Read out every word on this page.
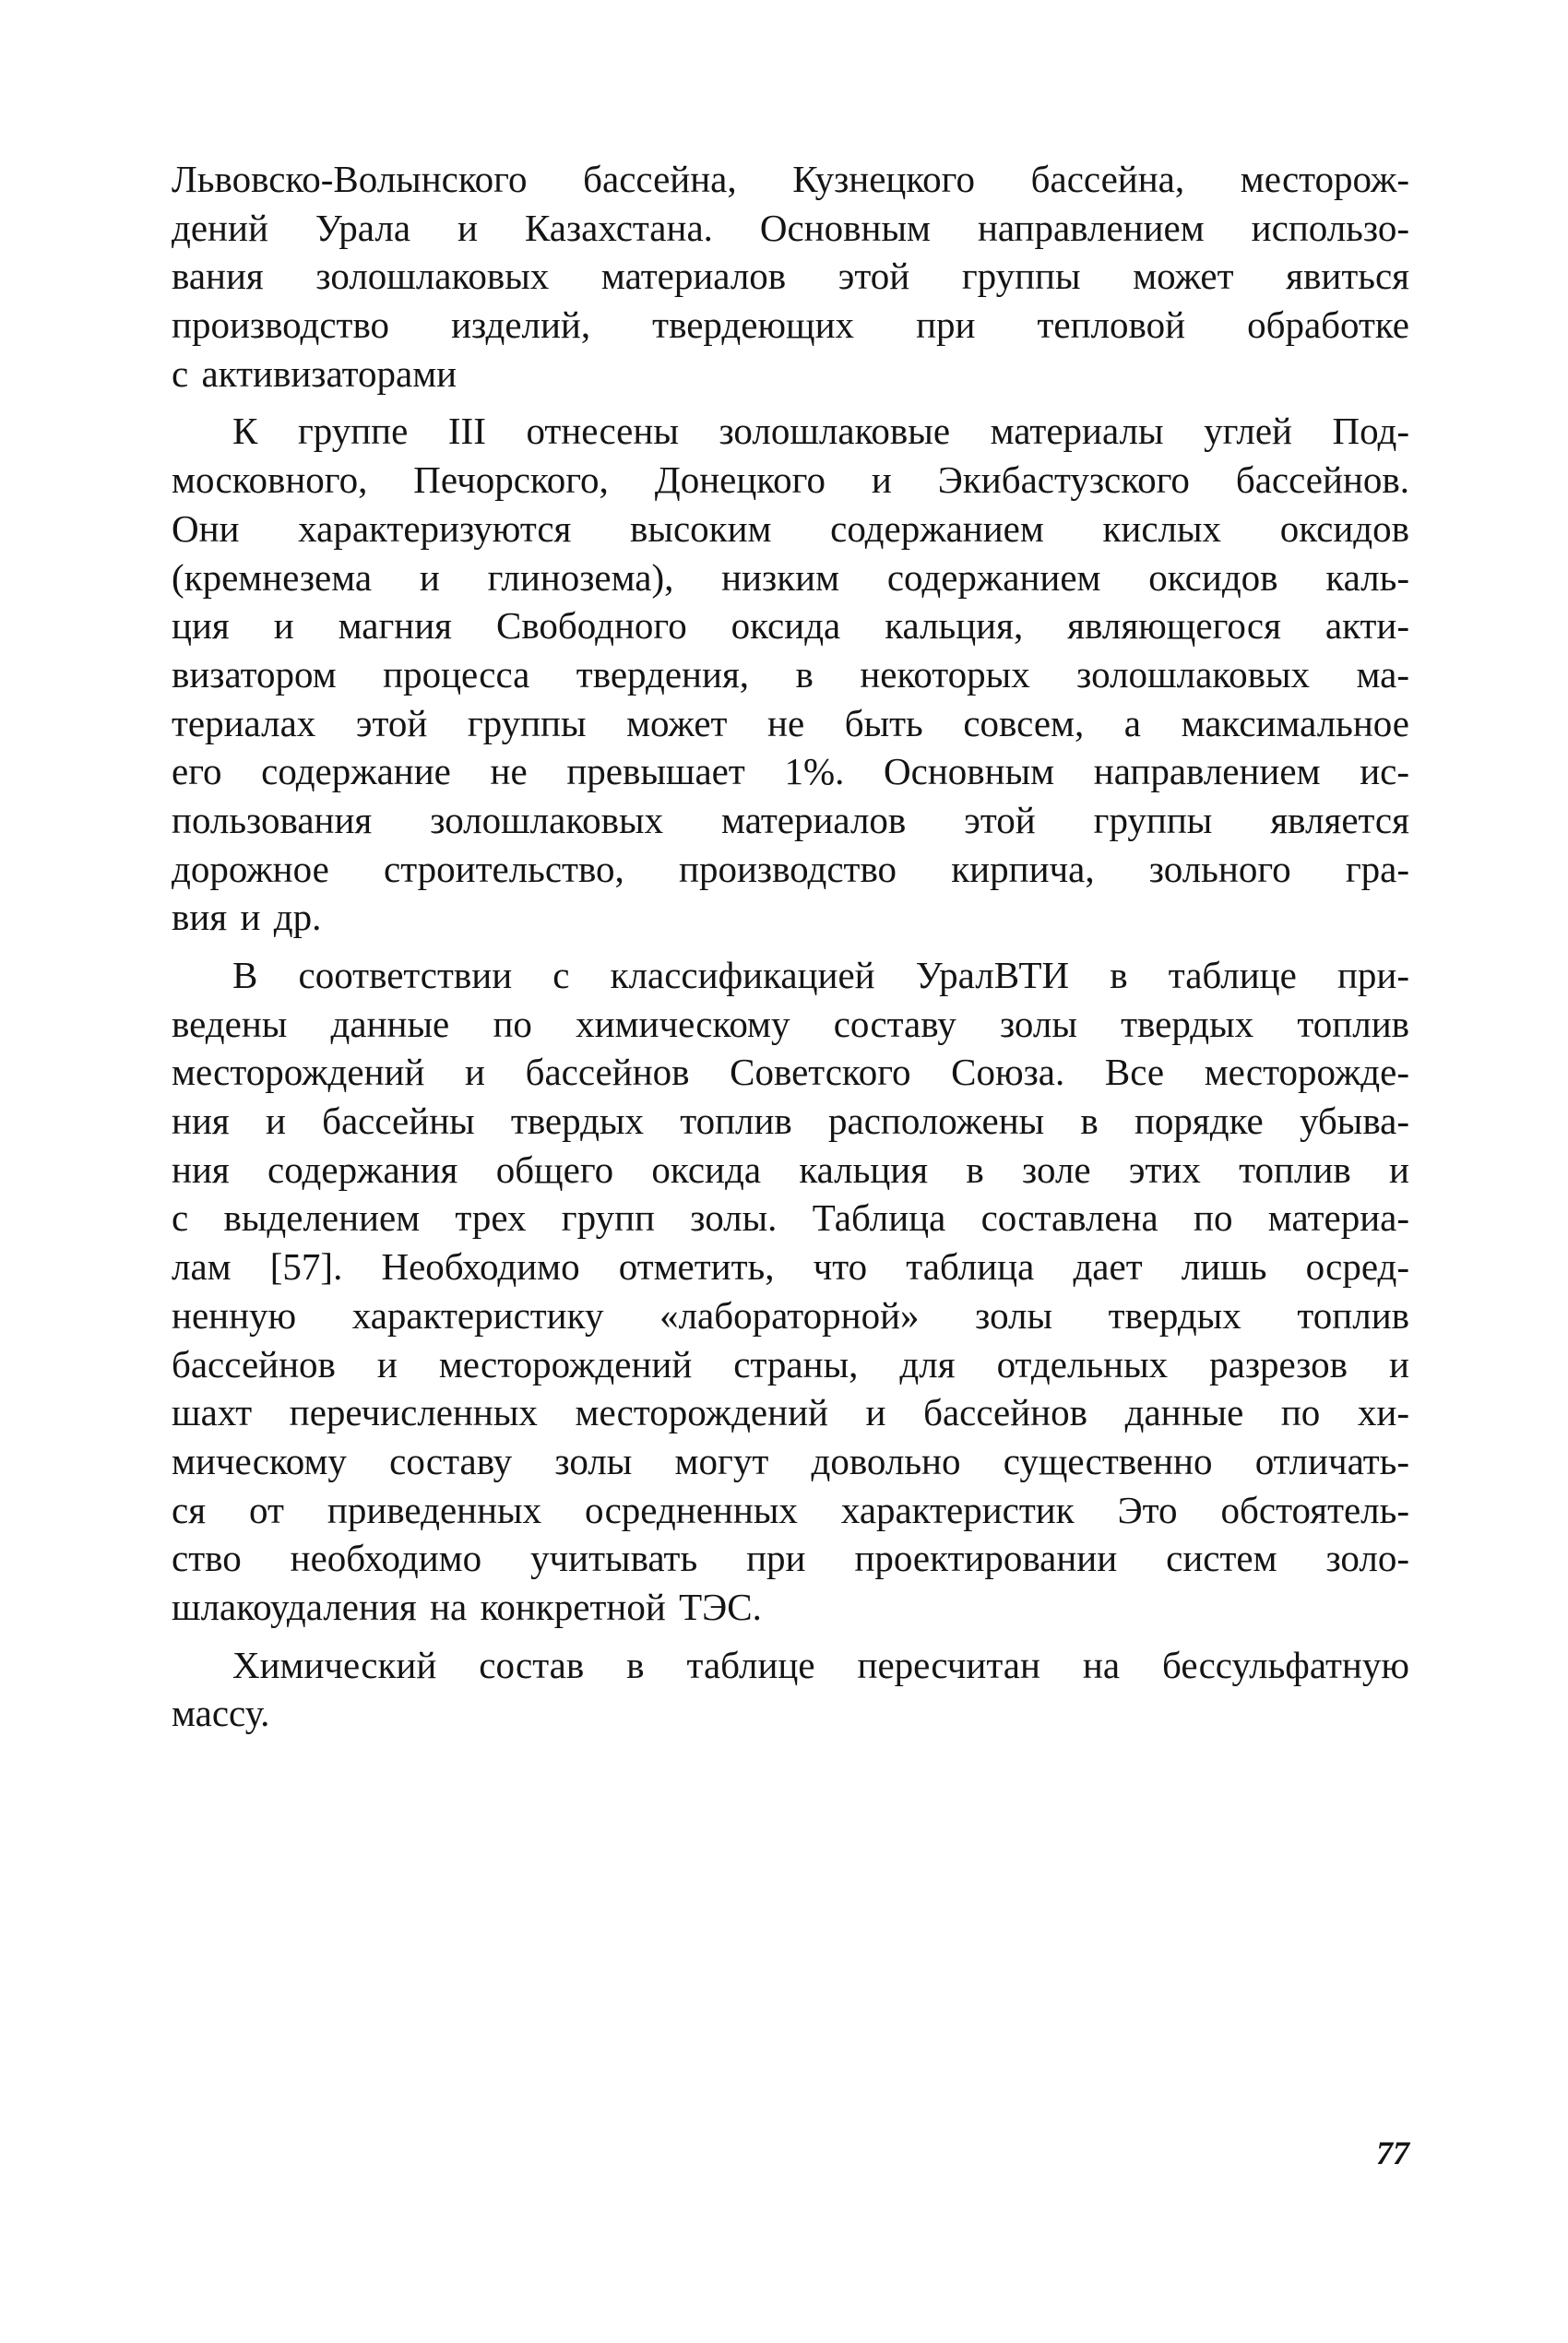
Львовско-Волынского бассейна, Кузнецкого бассейна, месторож-
дений Урала и Казахстана. Основным направлением использо-
вания золошлаковых материалов этой группы может явиться
производство изделий, твердеющих при тепловой обработке
с активизаторами
К группе III отнесены золошлаковые материалы углей Под-
московного, Печорского, Донецкого и Экибастузского бассейнов.
Они характеризуются высоким содержанием кислых оксидов
(кремнезема и глинозема), низким содержанием оксидов каль-
ция и магния Свободного оксида кальция, являющегося акти-
визатором процесса твердения, в некоторых золошлаковых ма-
териалах этой группы может не быть совсем, а максимальное
его содержание не превышает 1%. Основным направлением ис-
пользования золошлаковых материалов этой группы является
дорожное строительство, производство кирпича, зольного гра-
вия и др.
В соответствии с классификацией УралВТИ в таблице при-
ведены данные по химическому составу золы твердых топлив
месторождений и бассейнов Советского Союза. Все месторожде-
ния и бассейны твердых топлив расположены в порядке убыва-
ния содержания общего оксида кальция в золе этих топлив и
с выделением трех групп золы. Таблица составлена по материа-
лам [57]. Необходимо отметить, что таблица дает лишь осред-
ненную характеристику «лабораторной» золы твердых топлив
бассейнов и месторождений страны, для отдельных разрезов и
шахт перечисленных месторождений и бассейнов данные по хи-
мическому составу золы могут довольно существенно отличать-
ся от приведенных осредненных характеристик Это обстоятель-
ство необходимо учитывать при проектировании систем золо-
шлакоудаления на конкретной ТЭС.
Химический состав в таблице пересчитан на бессульфатную
массу.
77
